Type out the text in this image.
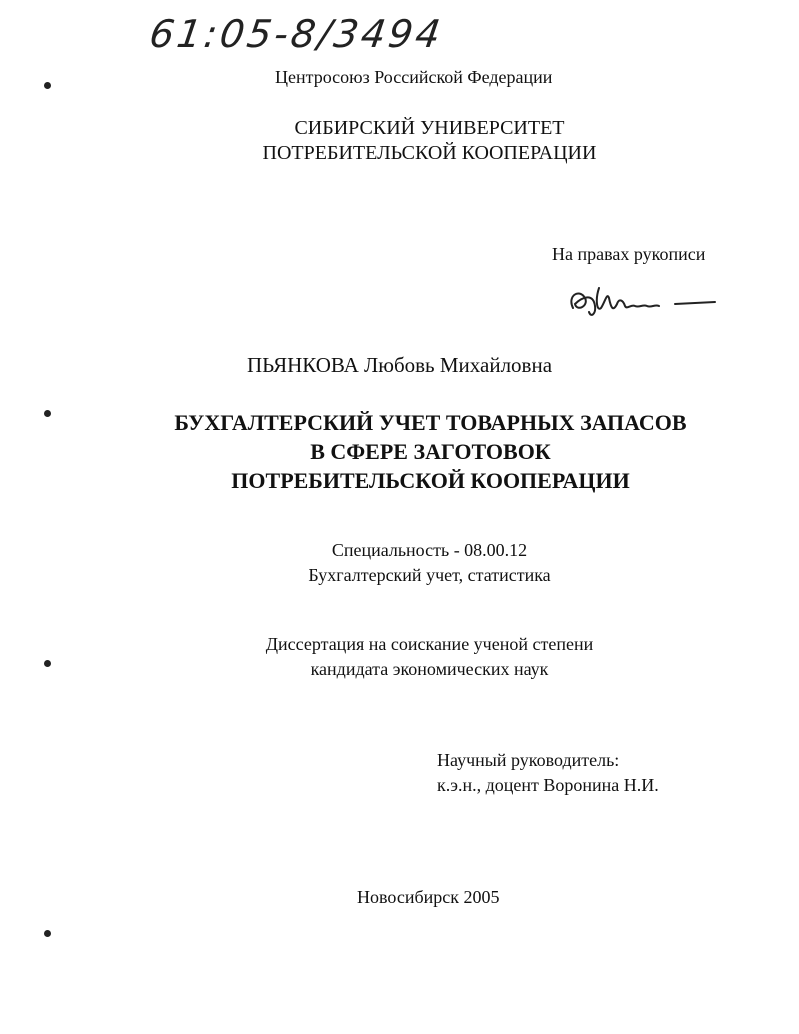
61:05-8/3494
Центросоюз Российской Федерации
СИБИРСКИЙ УНИВЕРСИТЕТ
ПОТРЕБИТЕЛЬСКОЙ КООПЕРАЦИИ
На правах рукописи
ПЬЯНКОВА Любовь Михайловна
БУХГАЛТЕРСКИЙ УЧЕТ ТОВАРНЫХ ЗАПАСОВ
В СФЕРЕ ЗАГОТОВОК
ПОТРЕБИТЕЛЬСКОЙ КООПЕРАЦИИ
Специальность - 08.00.12
Бухгалтерский учет, статистика
Диссертация на соискание ученой степени
кандидата экономических наук
Научный руководитель:
к.э.н., доцент Воронина Н.И.
Новосибирск 2005
